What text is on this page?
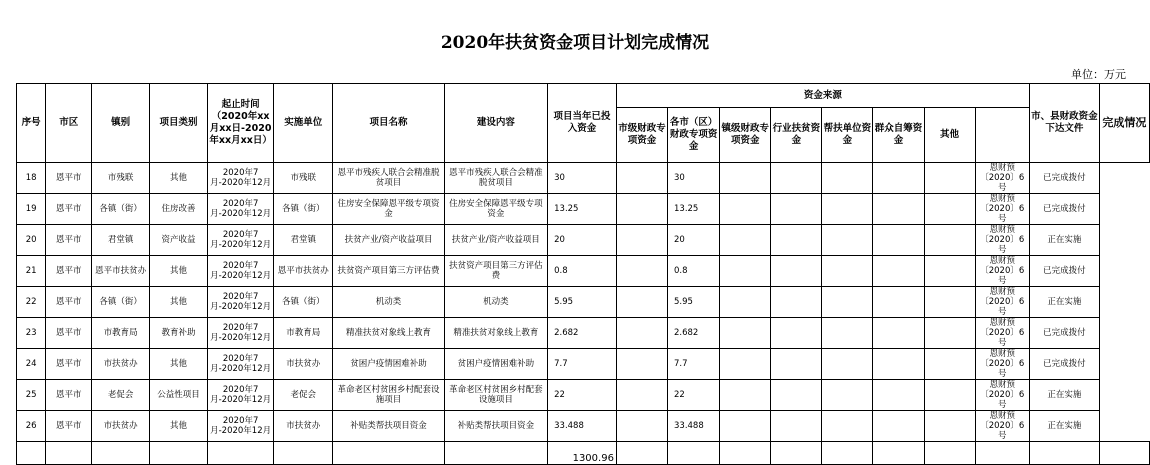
2020年扶贫资金项目计划完成情况
单位：万元
序号	市区	镇别	项目类别	起止时间（2020年xx月xx日-2020年xx月xx日）	实施单位	项目名称	建设内容	项目当年已投入资金	资金来源								市、县财政资金下达文件	完成情况
									市级财政专项资金	各市（区）财政专项资金	镇级财政专项资金	行业扶贫资金	帮扶单位资金	群众自筹资金	其他			
18	恩平市	市残联	其他	2020年7月-2020年12月	市残联	恩平市残疾人联合会精准脱贫项目	恩平市残疾人联合会精准脱贫项目	30		30						恩财预〔2020〕6号	已完成拨付	
19	恩平市	各镇（街）	住房改善	2020年7月-2020年12月	各镇（街）	住房安全保障恩平级专项资金	住房安全保障恩平级专项资金	13.25		13.25						恩财预〔2020〕6号	已完成拨付	
20	恩平市	君堂镇	资产收益	2020年7月-2020年12月	君堂镇	扶贫产业/资产收益项目	扶贫产业/资产收益项目	20		20						恩财预〔2020〕6号	正在实施	
21	恩平市	恩平市扶贫办	其他	2020年7月-2020年12月	恩平市扶贫办	扶贫资产项目第三方评估费	扶贫资产项目第三方评估费	0.8		0.8						恩财预〔2020〕6号	已完成拨付	
22	恩平市	各镇（街）	其他	2020年7月-2020年12月	各镇（街）	机动类	机动类	5.95		5.95						恩财预〔2020〕6号	正在实施	
23	恩平市	市教育局	教育补助	2020年7月-2020年12月	市教育局	精准扶贫对象线上教育	精准扶贫对象线上教育	2.682		2.682						恩财预〔2020〕6号	已完成拨付	
24	恩平市	市扶贫办	其他	2020年7月-2020年12月	市扶贫办	贫困户疫情困难补助	贫困户疫情困难补助	7.7		7.7						恩财预〔2020〕6号	已完成拨付	
25	恩平市	老促会	公益性项目	2020年7月-2020年12月	老促会	革命老区村贫困乡村配套设施项目	革命老区村贫困乡村配套设施项目	22		22						恩财预〔2020〕6号	正在实施	
26	恩平市	市扶贫办	其他	2020年7月-2020年12月	市扶贫办	补贴类帮扶项目资金	补贴类帮扶项目资金	33.488		33.488						恩财预〔2020〕6号	正在实施	
								1300.96										
